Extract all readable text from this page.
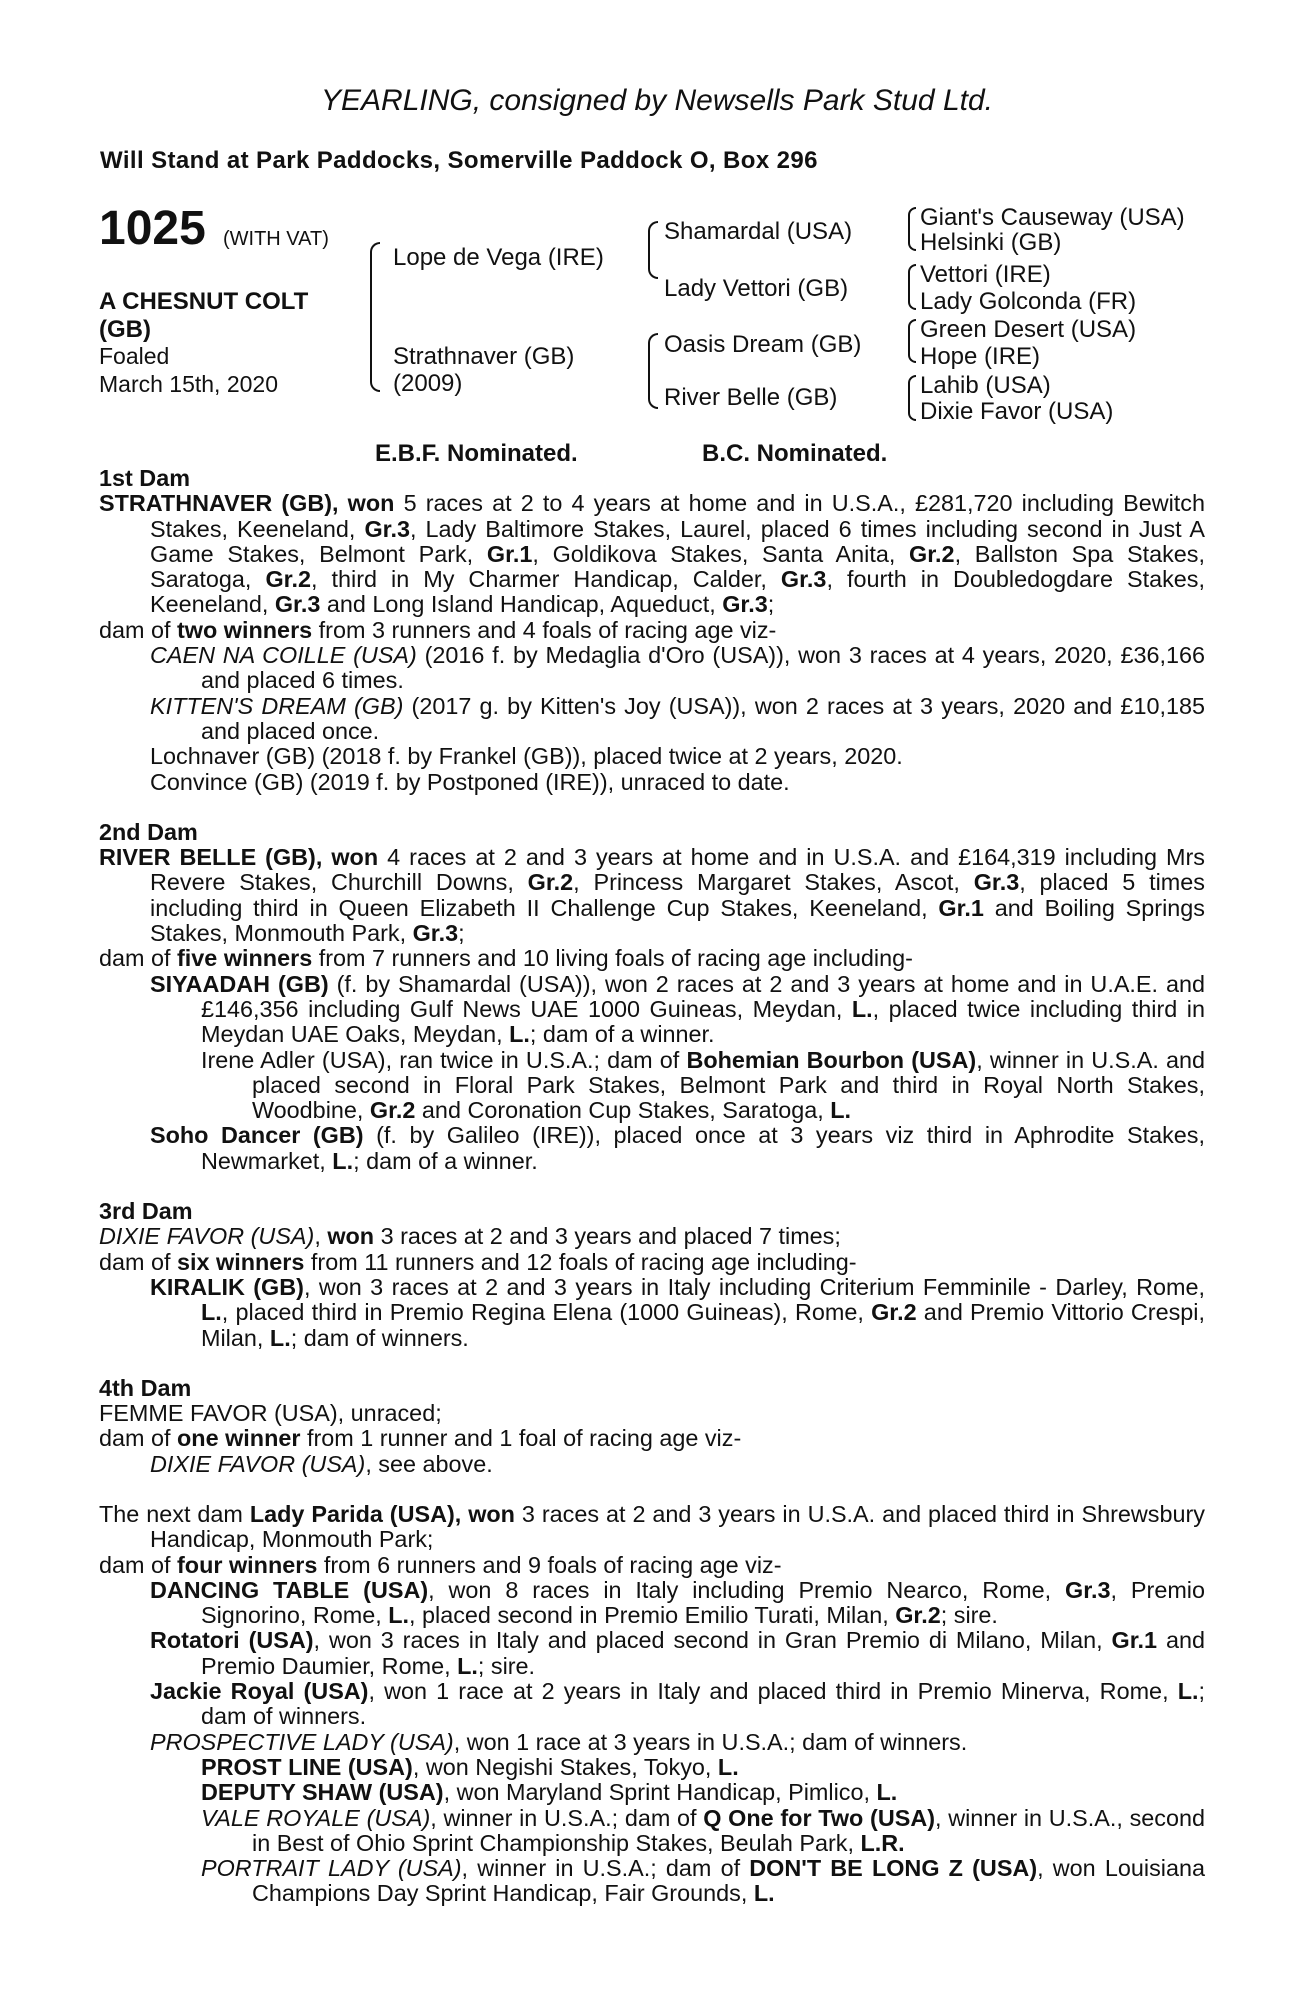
YEARLING, consigned by Newsells Park Stud Ltd.
Will Stand at Park Paddocks, Somerville Paddock O, Box 296
1025 (WITH VAT)
A CHESNUT COLT
(GB)
Foaled
March 15th, 2020
Lope de Vega (IRE)
Strathnaver (GB)
(2009)
Shamardal (USA)
Lady Vettori (GB)
Oasis Dream (GB)
River Belle (GB)
Giant's Causeway (USA)
Helsinki (GB)
Vettori (IRE)
Lady Golconda (FR)
Green Desert (USA)
Hope (IRE)
Lahib (USA)
Dixie Favor (USA)
E.B.F. Nominated.	B.C. Nominated.

1st Dam

STRATHNAVER (GB), won 5 races at 2 to 4 years at home and in U.S.A., £281,720 including Bewitch Stakes, Keeneland, Gr.3, Lady Baltimore Stakes, Laurel, placed 6 times including second in Just A Game Stakes, Belmont Park, Gr.1, Goldikova Stakes, Santa Anita, Gr.2, Ballston Spa Stakes, Saratoga, Gr.2, third in My Charmer Handicap, Calder, Gr.3, fourth in Doubledogdare Stakes, Keeneland, Gr.3 and Long Island Handicap, Aqueduct, Gr.3;

dam of two winners from 3 runners and 4 foals of racing age viz-

CAEN NA COILLE (USA) (2016 f. by Medaglia d'Oro (USA)), won 3 races at 4 years, 2020, £36,166 and placed 6 times.

KITTEN'S DREAM (GB) (2017 g. by Kitten's Joy (USA)), won 2 races at 3 years, 2020 and £10,185 and placed once.

Lochnaver (GB) (2018 f. by Frankel (GB)), placed twice at 2 years, 2020.

Convince (GB) (2019 f. by Postponed (IRE)), unraced to date.

2nd Dam

RIVER BELLE (GB), won 4 races at 2 and 3 years at home and in U.S.A. and £164,319 including Mrs Revere Stakes, Churchill Downs, Gr.2, Princess Margaret Stakes, Ascot, Gr.3, placed 5 times including third in Queen Elizabeth II Challenge Cup Stakes, Keeneland, Gr.1 and Boiling Springs Stakes, Monmouth Park, Gr.3;

dam of five winners from 7 runners and 10 living foals of racing age including-

SIYAADAH (GB) (f. by Shamardal (USA)), won 2 races at 2 and 3 years at home and in U.A.E. and £146,356 including Gulf News UAE 1000 Guineas, Meydan, L., placed twice including third in Meydan UAE Oaks, Meydan, L.; dam of a winner.

Irene Adler (USA), ran twice in U.S.A.; dam of Bohemian Bourbon (USA), winner in U.S.A. and placed second in Floral Park Stakes, Belmont Park and third in Royal North Stakes, Woodbine, Gr.2 and Coronation Cup Stakes, Saratoga, L.

Soho Dancer (GB) (f. by Galileo (IRE)), placed once at 3 years viz third in Aphrodite Stakes, Newmarket, L.; dam of a winner.

3rd Dam

DIXIE FAVOR (USA), won 3 races at 2 and 3 years and placed 7 times;

dam of six winners from 11 runners and 12 foals of racing age including-

KIRALIK (GB), won 3 races at 2 and 3 years in Italy including Criterium Femminile - Darley, Rome, L., placed third in Premio Regina Elena (1000 Guineas), Rome, Gr.2 and Premio Vittorio Crespi, Milan, L.; dam of winners.

4th Dam

FEMME FAVOR (USA), unraced;

dam of one winner from 1 runner and 1 foal of racing age viz-

DIXIE FAVOR (USA), see above.

The next dam Lady Parida (USA), won 3 races at 2 and 3 years in U.S.A. and placed third in Shrewsbury Handicap, Monmouth Park;

dam of four winners from 6 runners and 9 foals of racing age viz-

DANCING TABLE (USA), won 8 races in Italy including Premio Nearco, Rome, Gr.3, Premio Signorino, Rome, L., placed second in Premio Emilio Turati, Milan, Gr.2; sire.

Rotatori (USA), won 3 races in Italy and placed second in Gran Premio di Milano, Milan, Gr.1 and Premio Daumier, Rome, L.; sire.

Jackie Royal (USA), won 1 race at 2 years in Italy and placed third in Premio Minerva, Rome, L.; dam of winners.

PROSPECTIVE LADY (USA), won 1 race at 3 years in U.S.A.; dam of winners.

PROST LINE (USA), won Negishi Stakes, Tokyo, L.

DEPUTY SHAW (USA), won Maryland Sprint Handicap, Pimlico, L.

VALE ROYALE (USA), winner in U.S.A.; dam of Q One for Two (USA), winner in U.S.A., second in Best of Ohio Sprint Championship Stakes, Beulah Park, L.R.

PORTRAIT LADY (USA), winner in U.S.A.; dam of DON'T BE LONG Z (USA), won Louisiana Champions Day Sprint Handicap, Fair Grounds, L.
